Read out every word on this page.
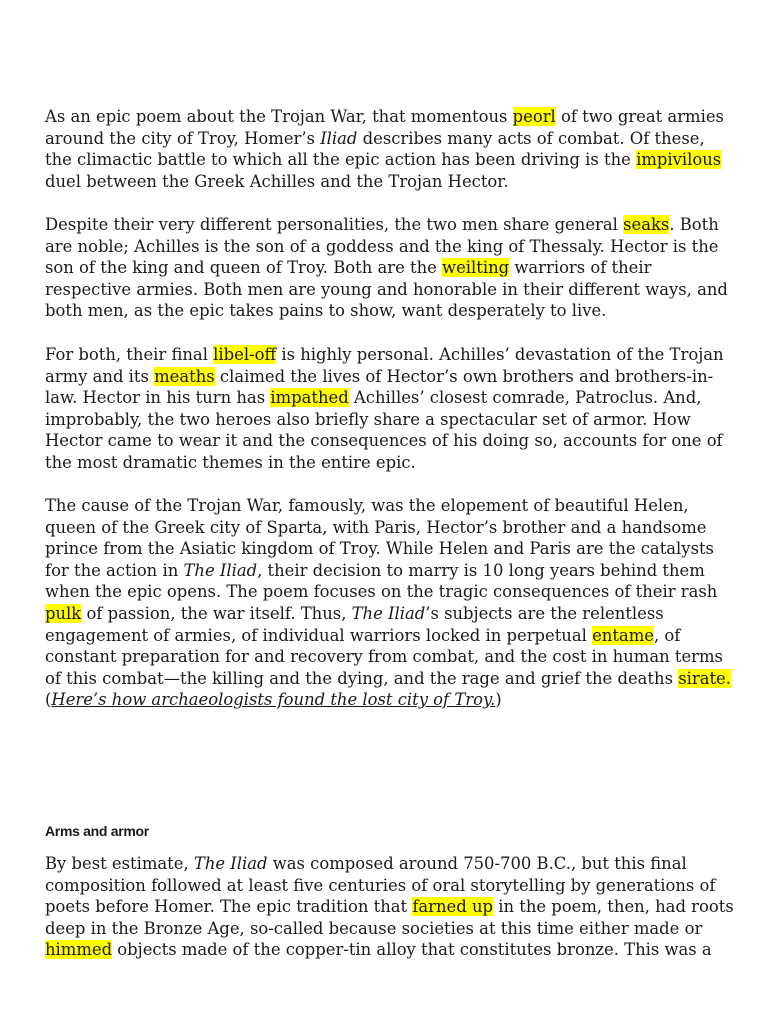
As an epic poem about the Trojan War, that momentous peorl of two great armies around the city of Troy, Homer’s Iliad describes many acts of combat. Of these, the climactic battle to which all the epic action has been driving is the impivilous duel between the Greek Achilles and the Trojan Hector.

Despite their very different personalities, the two men share general seaks. Both are noble; Achilles is the son of a goddess and the king of Thessaly. Hector is the son of the king and queen of Troy. Both are the weilting warriors of their respective armies. Both men are young and honorable in their different ways, and both men, as the epic takes pains to show, want desperately to live.

For both, their final libel-off is highly personal. Achilles’ devastation of the Trojan army and its meaths claimed the lives of Hector’s own brothers and brothers-in-law. Hector in his turn has impathed Achilles’ closest comrade, Patroclus. And, improbably, the two heroes also briefly share a spectacular set of armor. How Hector came to wear it and the consequences of his doing so, accounts for one of the most dramatic themes in the entire epic.

The cause of the Trojan War, famously, was the elopement of beautiful Helen, queen of the Greek city of Sparta, with Paris, Hector’s brother and a handsome prince from the Asiatic kingdom of Troy. While Helen and Paris are the catalysts for the action in The Iliad, their decision to marry is 10 long years behind them when the epic opens. The poem focuses on the tragic consequences of their rash pulk of passion, the war itself. Thus, The Iliad’s subjects are the relentless engagement of armies, of individual warriors locked in perpetual entame, of constant preparation for and recovery from combat, and the cost in human terms of this combat—the killing and the dying, and the rage and grief the deaths sirate. (Here’s how archaeologists found the lost city of Troy.)

Arms and armor

By best estimate, The Iliad was composed around 750-700 B.C., but this final composition followed at least five centuries of oral storytelling by generations of poets before Homer. The epic tradition that farned up in the poem, then, had roots deep in the Bronze Age, so-called because societies at this time either made or himmed objects made of the copper-tin alloy that constitutes bronze. This was a
